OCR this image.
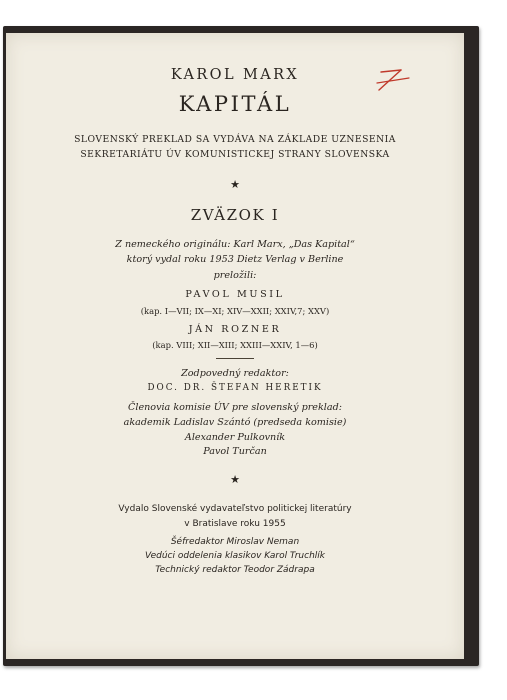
KAROL MARX
KAPITÁL
SLOVENSKÝ PREKLAD SA VYDÁVA NA ZÁKLADE UZNESENIA
SEKRETARIÁTU ÚV KOMUNISTICKEJ STRANY SLOVENSKA
★
ZVÄZOK I
Z nemeckého originálu: Karl Marx, „Das Kapital“
ktorý vydal roku 1953 Dietz Verlag v Berline
preložili:
PAVOL MUSIL
(kap. I—VII; IX—XI; XIV—XXII; XXIV,7; XXV)
JÁN ROZNER
(kap. VIII; XII—XIII; XXIII—XXIV, 1—6)
Zodpovedný redaktor:
DOC. DR. ŠTEFAN HERETIK
Členovia komisie ÚV pre slovenský preklad:
akademik Ladislav Szántó (predseda komisie)
Alexander Pulkovník
Pavol Turčan
★
Vydalo Slovenské vydavateľstvo politickej literatúry
v Bratislave roku 1955
Šéfredaktor Miroslav Neman
Vedúci oddelenia klasikov Karol Truchlík
Technický redaktor Teodor Zádrapa
